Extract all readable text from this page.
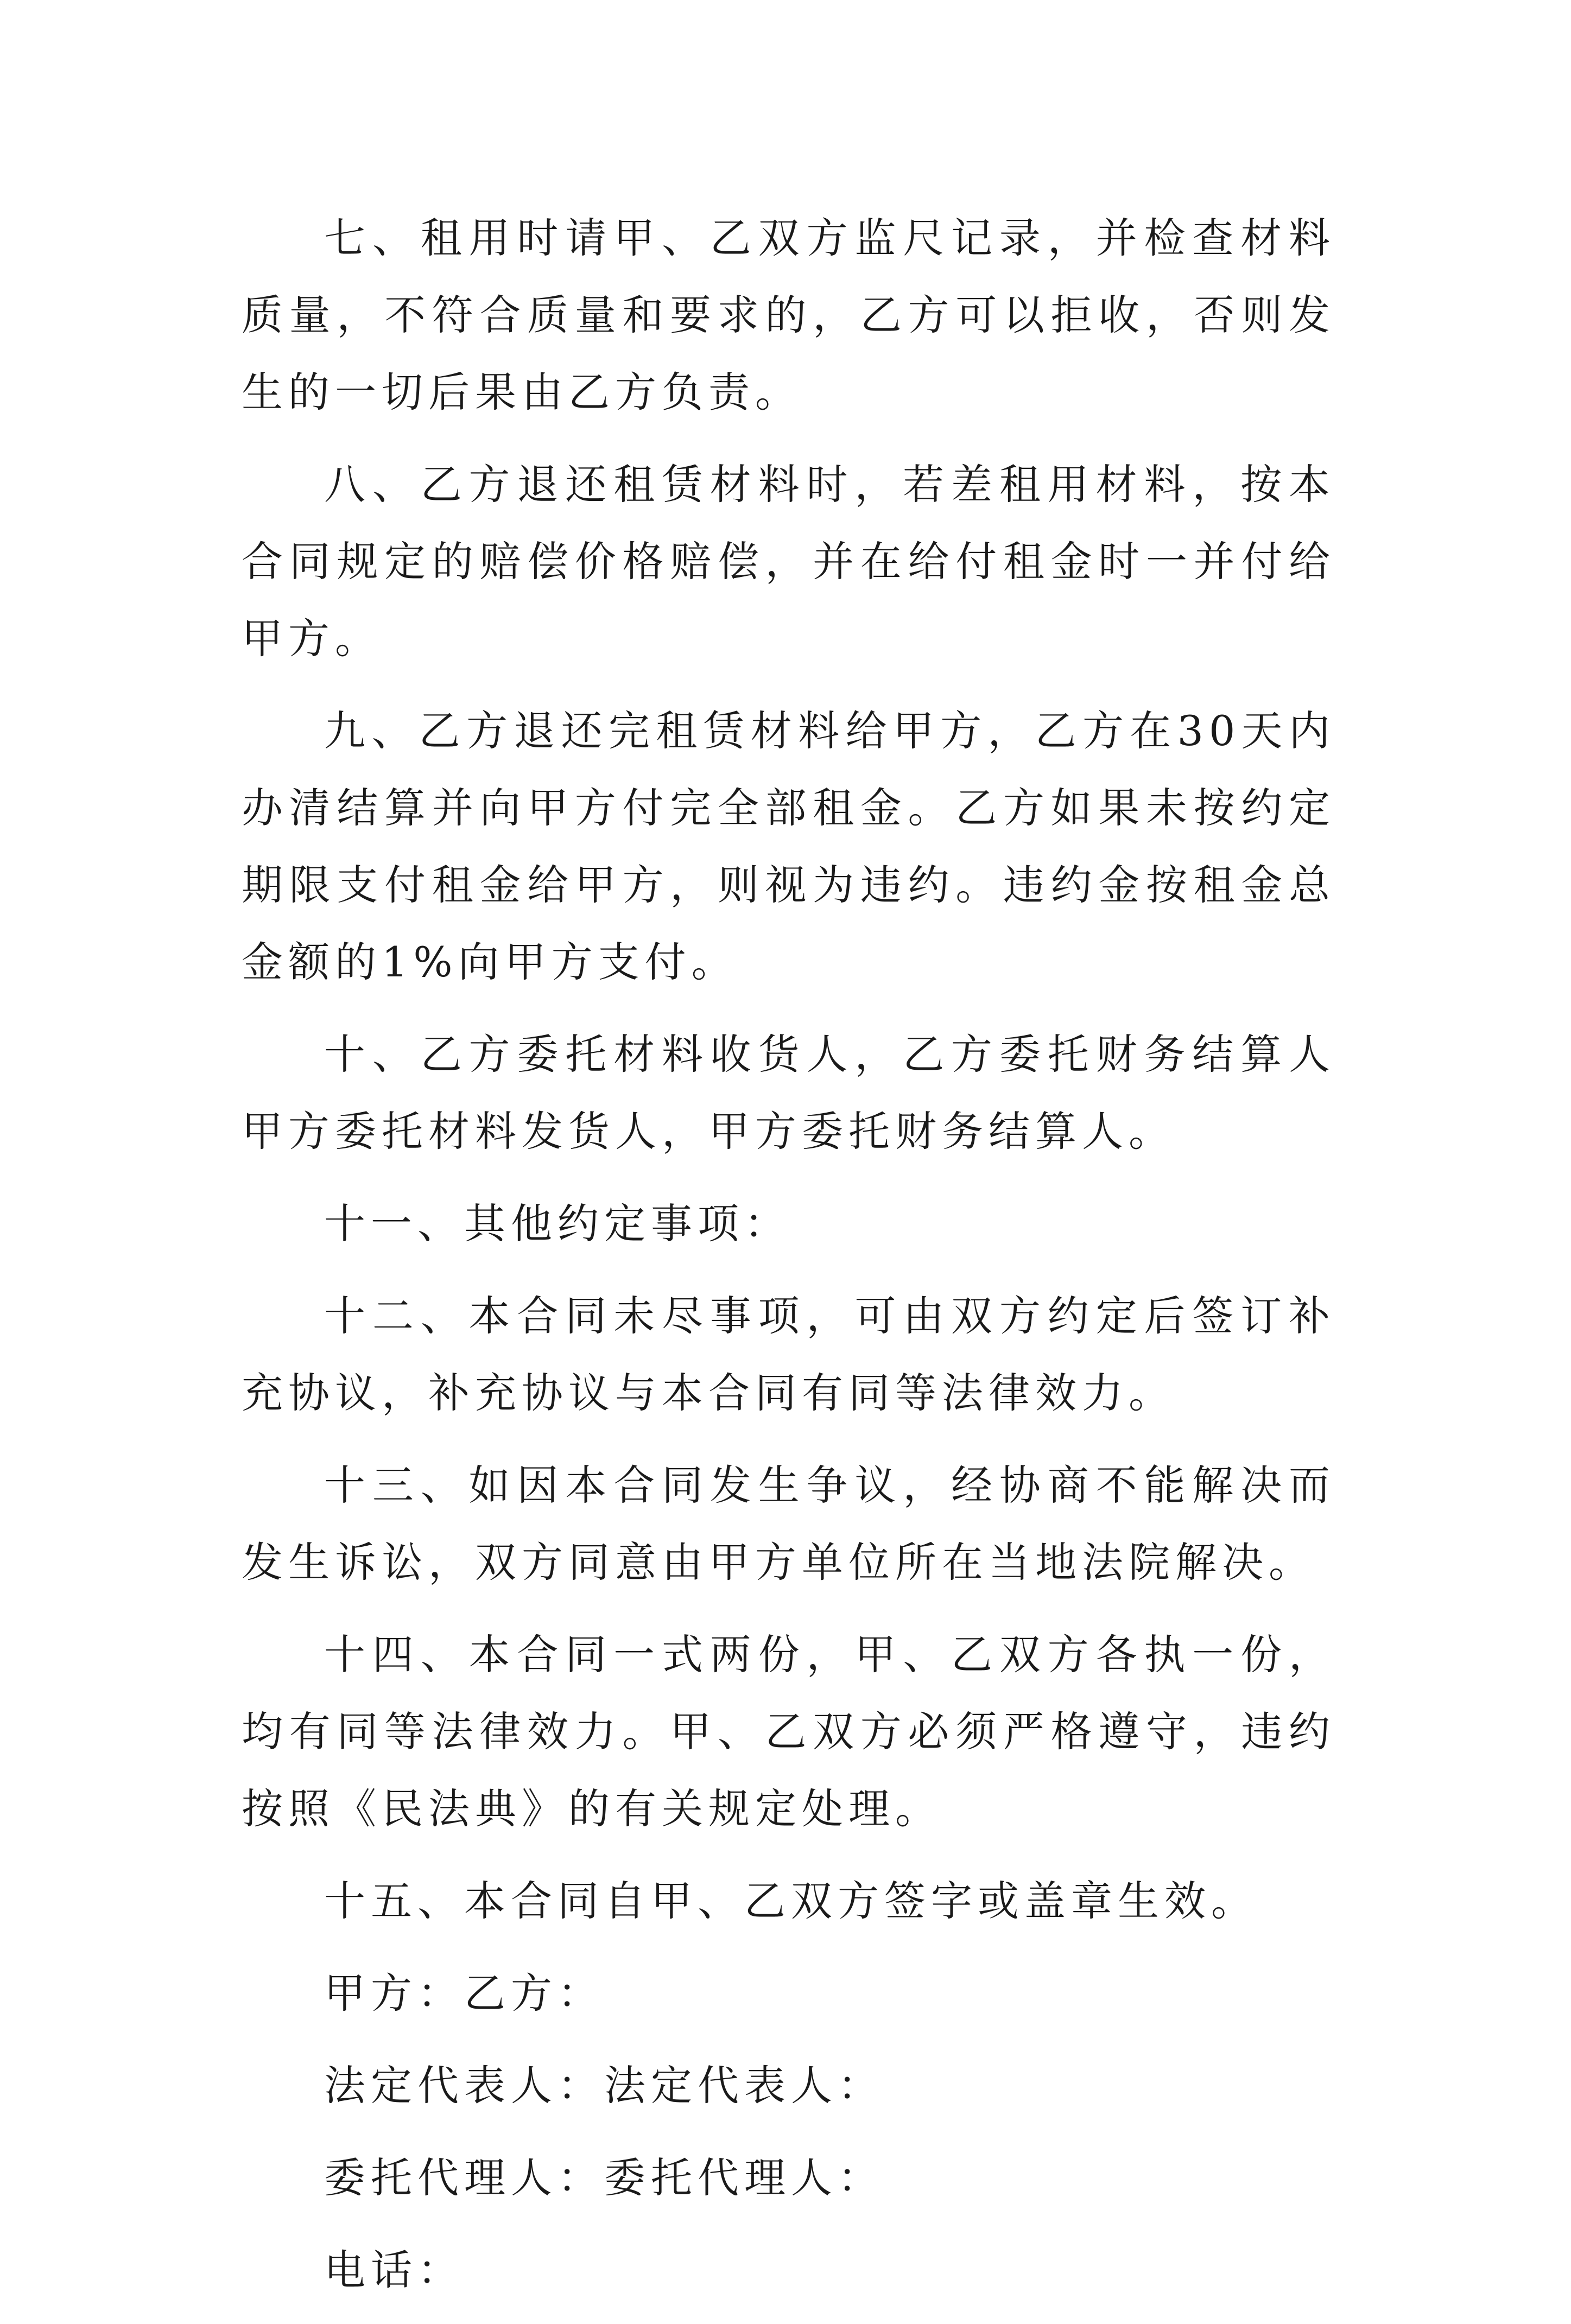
七、租用时请甲、乙双方监尺记录，并检查材料质量，不符合质量和要求的，乙方可以拒收，否则发生的一切后果由乙方负责。

八、乙方退还租赁材料时，若差租用材料，按本合同规定的赔偿价格赔偿，并在给付租金时一并付给甲方。

九、乙方退还完租赁材料给甲方，乙方在30天内办清结算并向甲方付完全部租金。乙方如果未按约定期限支付租金给甲方，则视为违约。违约金按租金总金额的1%向甲方支付。

十、乙方委托材料收货人，乙方委托财务结算人甲方委托材料发货人，甲方委托财务结算人。

十一、其他约定事项：

十二、本合同未尽事项，可由双方约定后签订补充协议，补充协议与本合同有同等法律效力。

十三、如因本合同发生争议，经协商不能解决而发生诉讼，双方同意由甲方单位所在当地法院解决。

十四、本合同一式两份，甲、乙双方各执一份，均有同等法律效力。甲、乙双方必须严格遵守，违约按照《民法典》的有关规定处理。

十五、本合同自甲、乙双方签字或盖章生效。

甲方：乙方：

法定代表人：法定代表人：

委托代理人：委托代理人：

电话：
